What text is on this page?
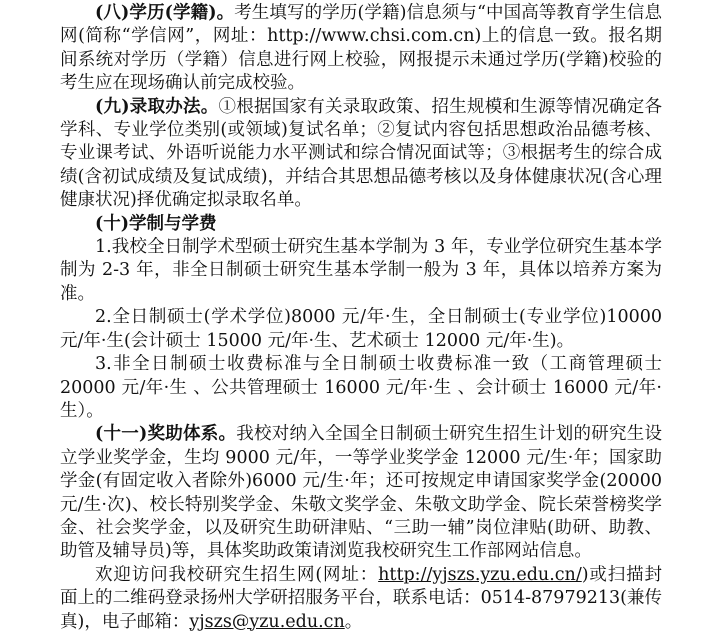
(八)学历(学籍)。考生填写的学历(学籍)信息须与“中国高等教育学生信息网(简称“学信网”，网址：http://www.chsi.com.cn)上的信息一致。报名期间系统对学历（学籍）信息进行网上校验，网报提示未通过学历(学籍)校验的考生应在现场确认前完成校验。

(九)录取办法。①根据国家有关录取政策、招生规模和生源等情况确定各学科、专业学位类别(或领域)复试名单；②复试内容包括思想政治品德考核、专业课考试、外语听说能力水平测试和综合情况面试等；③根据考生的综合成绩(含初试成绩及复试成绩)，并结合其思想品德考核以及身体健康状况(含心理健康状况)择优确定拟录取名单。

(十)学制与学费

1.我校全日制学术型硕士研究生基本学制为 3 年，专业学位研究生基本学制为 2-3 年，非全日制硕士研究生基本学制一般为 3 年，具体以培养方案为准。

2.全日制硕士(学术学位)8000 元/年·生，全日制硕士(专业学位)10000 元/年·生(会计硕士 15000 元/年·生、艺术硕士 12000 元/年·生)。

3.非全日制硕士收费标准与全日制硕士收费标准一致（工商管理硕士20000 元/年·生 、公共管理硕士 16000 元/年·生 、会计硕士 16000 元/年·生）。

(十一)奖助体系。我校对纳入全国全日制硕士研究生招生计划的研究生设立学业奖学金，生均 9000 元/年，一等学业奖学金 12000 元/生·年；国家助学金(有固定收入者除外)6000 元/生·年；还可按规定申请国家奖学金(20000 元/生·次)、校长特别奖学金、朱敬文奖学金、朱敬文助学金、院长荣誉榜奖学金、社会奖学金，以及研究生助研津贴、“三助一辅”岗位津贴(助研、助教、助管及辅导员)等，具体奖助政策请浏览我校研究生工作部网站信息。

欢迎访问我校研究生招生网(网址：http://yjszs.yzu.edu.cn/)或扫描封面上的二维码登录扬州大学研招服务平台，联系电话：0514-87979213(兼传真)，电子邮箱：yjszs@yzu.edu.cn。
